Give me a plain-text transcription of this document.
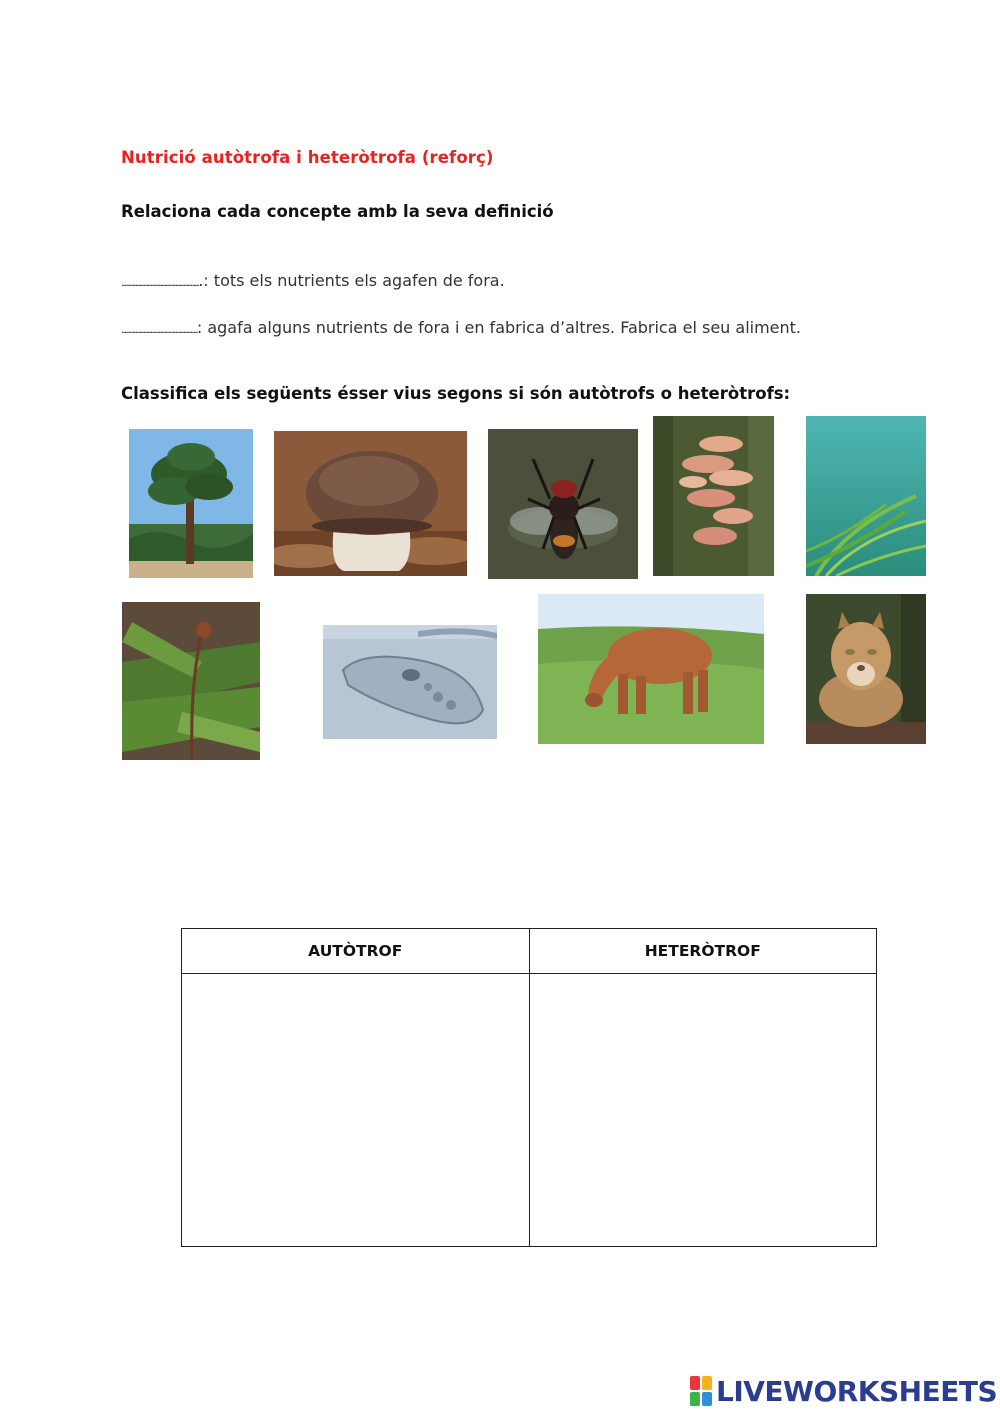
Nutrició autòtrofa i heteròtrofa (reforç)
Relaciona cada concepte amb la seva definició
.........................................................: tots els nutrients els agafen de fora.
.......................................................: agafa alguns nutrients de fora i en fabrica d’altres. Fabrica el seu aliment.
Classifica els següents ésser vius segons si són autòtrofs o heteròtrofs:
AUTÒTROF	HETERÒTROF

LIVEWORKSHEETS
